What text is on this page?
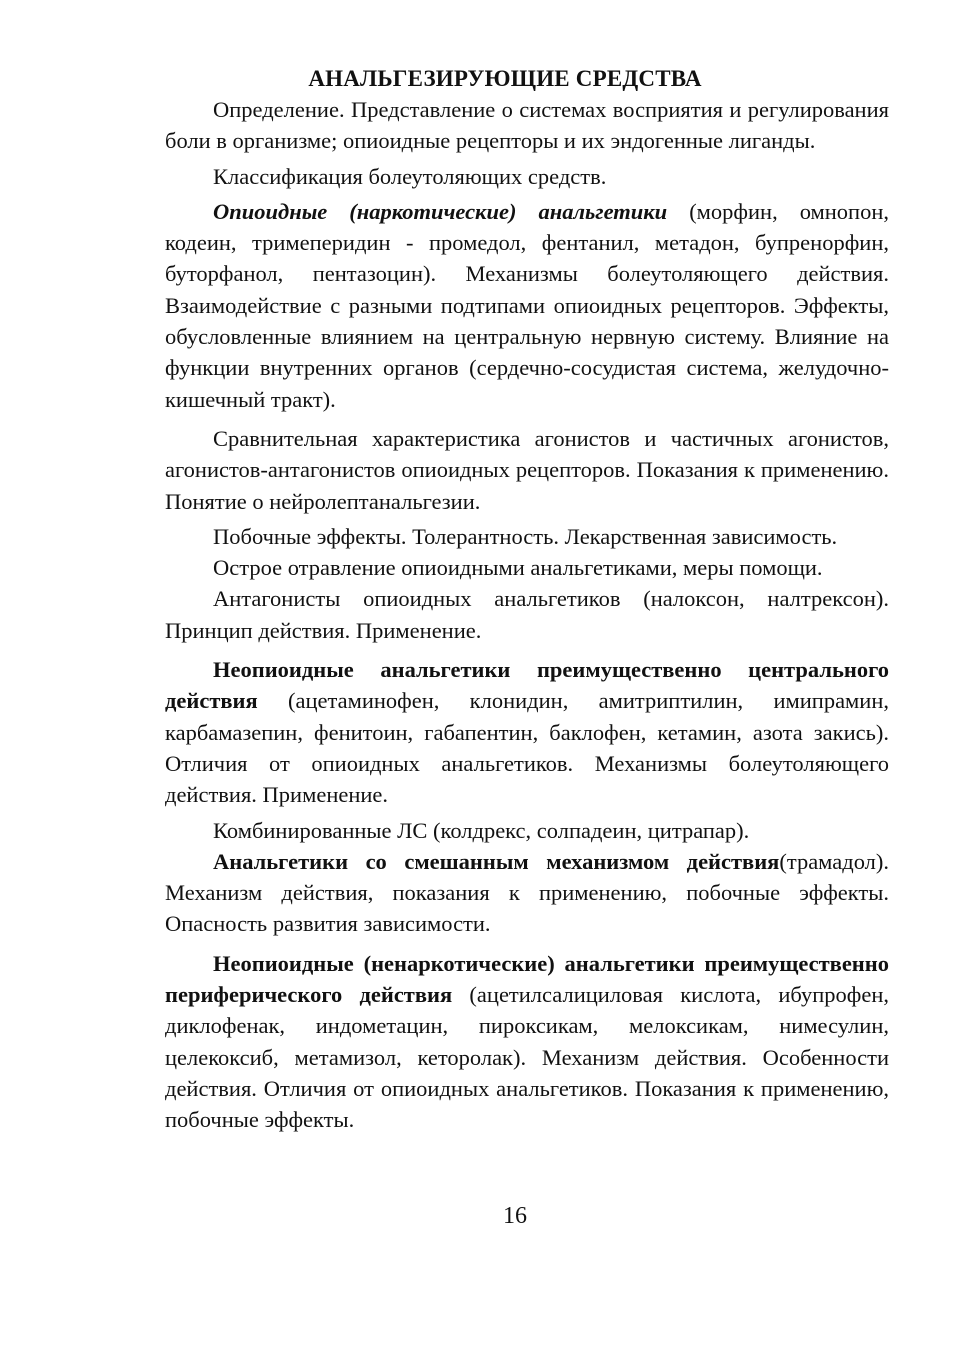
АНАЛЬГЕЗИРУЮЩИЕ СРЕДСТВА

Определение. Представление о системах восприятия и регулирования боли в организме; опиоидные рецепторы и их эндогенные лиганды.

Классификация болеутоляющих средств.

Опиоидные (наркотические) анальгетики (морфин, омнопон, кодеин, тримеперидин - промедол, фентанил, метадон, бупренорфин, буторфанол, пентазоцин). Механизмы болеутоляющего действия. Взаимодействие с разными подтипами опиоидных рецепторов. Эффекты, обусловленные влиянием на центральную нервную систему. Влияние на функции внутренних органов (сердечно-сосудистая система, желудочно-кишечный тракт).

Сравнительная характеристика агонистов и частичных агонистов, агонистов-антагонистов опиоидных рецепторов. Показания к применению. Понятие о нейролептанальгезии.

Побочные эффекты. Толерантность. Лекарственная зависимость.

Острое отравление опиоидными анальгетиками, меры помощи.

Антагонисты опиоидных анальгетиков (налоксон, налтрексон). Принцип действия. Применение.

Неопиоидные анальгетики преимущественно центрального действия (ацетаминофен, клонидин, амитриптилин, имипрамин, карбамазепин, фенитоин, габапентин, баклофен, кетамин, азота закись). Отличия от опиоидных анальгетиков. Механизмы болеутоляющего действия. Применение.

Комбинированные ЛС (колдрекс, солпадеин, цитрапар).

Анальгетики со смешанным механизмом действия(трамадол). Механизм действия, показания к применению, побочные эффекты. Опасность развития зависимости.

Неопиоидные (ненаркотические) анальгетики преимущественно периферического действия (ацетилсалициловая кислота, ибупрофен, диклофенак, индометацин, пироксикам, мелоксикам, нимесулин, целекоксиб, метамизол, кеторолак). Механизм действия. Особенности действия. Отличия от опиоидных анальгетиков. Показания к применению, побочные эффекты.

16
